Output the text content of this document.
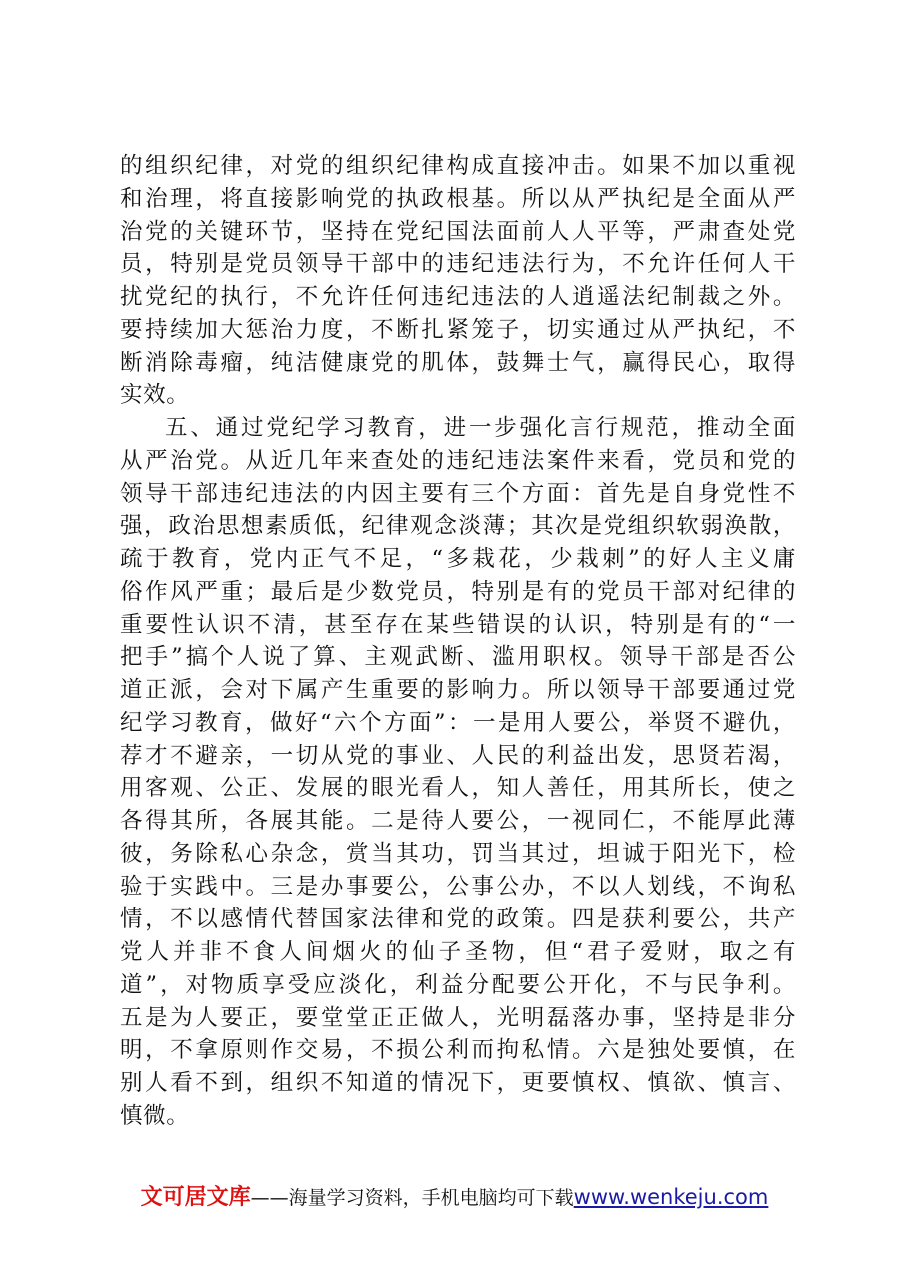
的组织纪律，对党的组织纪律构成直接冲击。如果不加以重视
和治理，将直接影响党的执政根基。所以从严执纪是全面从严
治党的关键环节，坚持在党纪国法面前人人平等，严肃查处党
员，特别是党员领导干部中的违纪违法行为，不允许任何人干
扰党纪的执行，不允许任何违纪违法的人逍遥法纪制裁之外。
要持续加大惩治力度，不断扎紧笼子，切实通过从严执纪，不
断消除毒瘤，纯洁健康党的肌体，鼓舞士气，赢得民心，取得
实效。
五、通过党纪学习教育，进一步强化言行规范，推动全面
从严治党。从近几年来查处的违纪违法案件来看，党员和党的
领导干部违纪违法的内因主要有三个方面：首先是自身党性不
强，政治思想素质低，纪律观念淡薄；其次是党组织软弱涣散，
疏于教育，党内正气不足，“多栽花，少栽刺”的好人主义庸
俗作风严重；最后是少数党员，特别是有的党员干部对纪律的
重要性认识不清，甚至存在某些错误的认识，特别是有的“一
把手”搞个人说了算、主观武断、滥用职权。领导干部是否公
道正派，会对下属产生重要的影响力。所以领导干部要通过党
纪学习教育，做好“六个方面”：一是用人要公，举贤不避仇，
荐才不避亲，一切从党的事业、人民的利益出发，思贤若渴，
用客观、公正、发展的眼光看人，知人善任，用其所长，使之
各得其所，各展其能。二是待人要公，一视同仁，不能厚此薄
彼，务除私心杂念，赏当其功，罚当其过，坦诚于阳光下，检
验于实践中。三是办事要公，公事公办，不以人划线，不询私
情，不以感情代替国家法律和党的政策。四是获利要公，共产
党人并非不食人间烟火的仙子圣物，但“君子爱财，取之有
道”，对物质享受应淡化，利益分配要公开化，不与民争利。
五是为人要正，要堂堂正正做人，光明磊落办事，坚持是非分
明，不拿原则作交易，不损公利而拘私情。六是独处要慎，在
别人看不到，组织不知道的情况下，更要慎权、慎欲、慎言、
慎微。
文可居文库——海量学习资料，手机电脑均可下载www.wenkeju.com
